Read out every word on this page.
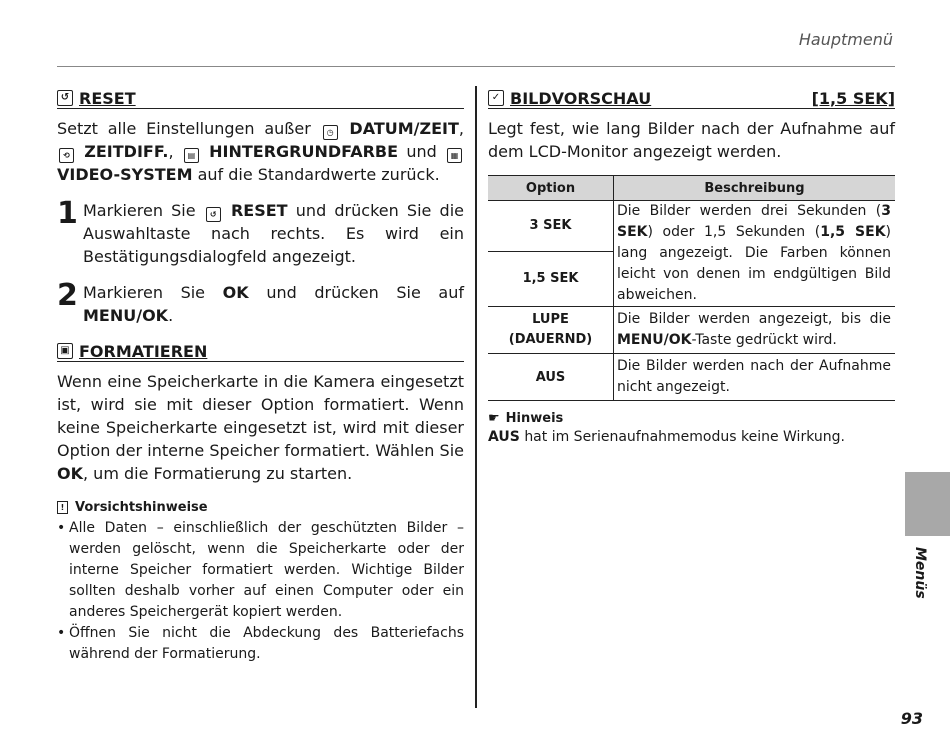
Hauptmenü
↺ RESET

Setzt alle Einstellungen außer ◷ DATUM/ZEIT, ⟲ ZEITDIFF., ▤ HINTERGRUNDFARBE und ▦ VIDEO-SYSTEM auf die Standardwerte zurück.

1 Markieren Sie ↺ RESET und drücken Sie die Auswahltaste nach rechts. Es wird ein Bestätigungsdialogfeld angezeigt.
2 Markieren Sie OK und drücken Sie auf MENU/OK.
▣ FORMATIEREN

Wenn eine Speicherkarte in die Kamera eingesetzt ist, wird sie mit dieser Option formatiert. Wenn keine Speicherkarte eingesetzt ist, wird mit dieser Option der interne Speicher formatiert. Wählen Sie OK, um die Formatierung zu starten.

! Vorsichtshinweise
• Alle Daten – einschließlich der geschützten Bilder – werden gelöscht, wenn die Speicherkarte oder der interne Speicher formatiert werden. Wichtige Bilder sollten deshalb vorher auf einen Computer oder ein anderes Speichergerät kopiert werden.
• Öffnen Sie nicht die Abdeckung des Batteriefachs während der Formatierung.
✓ BILDVORSCHAU	[1,5 SEK]

Legt fest, wie lang Bilder nach der Aufnahme auf dem LCD-Monitor angezeigt werden.

Option	Beschreibung
3 SEK	Die Bilder werden drei Sekunden (3 SEK) oder 1,5 Sekunden (1,5 SEK) lang angezeigt. Die Farben können leicht von denen im endgültigen Bild abweichen.
1,5 SEK	
LUPE (DAUERND)	Die Bilder werden angezeigt, bis die MENU/OK-Taste gedrückt wird.
AUS	Die Bilder werden nach der Aufnahme nicht angezeigt.
☛ Hinweis
AUS hat im Serienaufnahmemodus keine Wirkung.
Menüs
93
